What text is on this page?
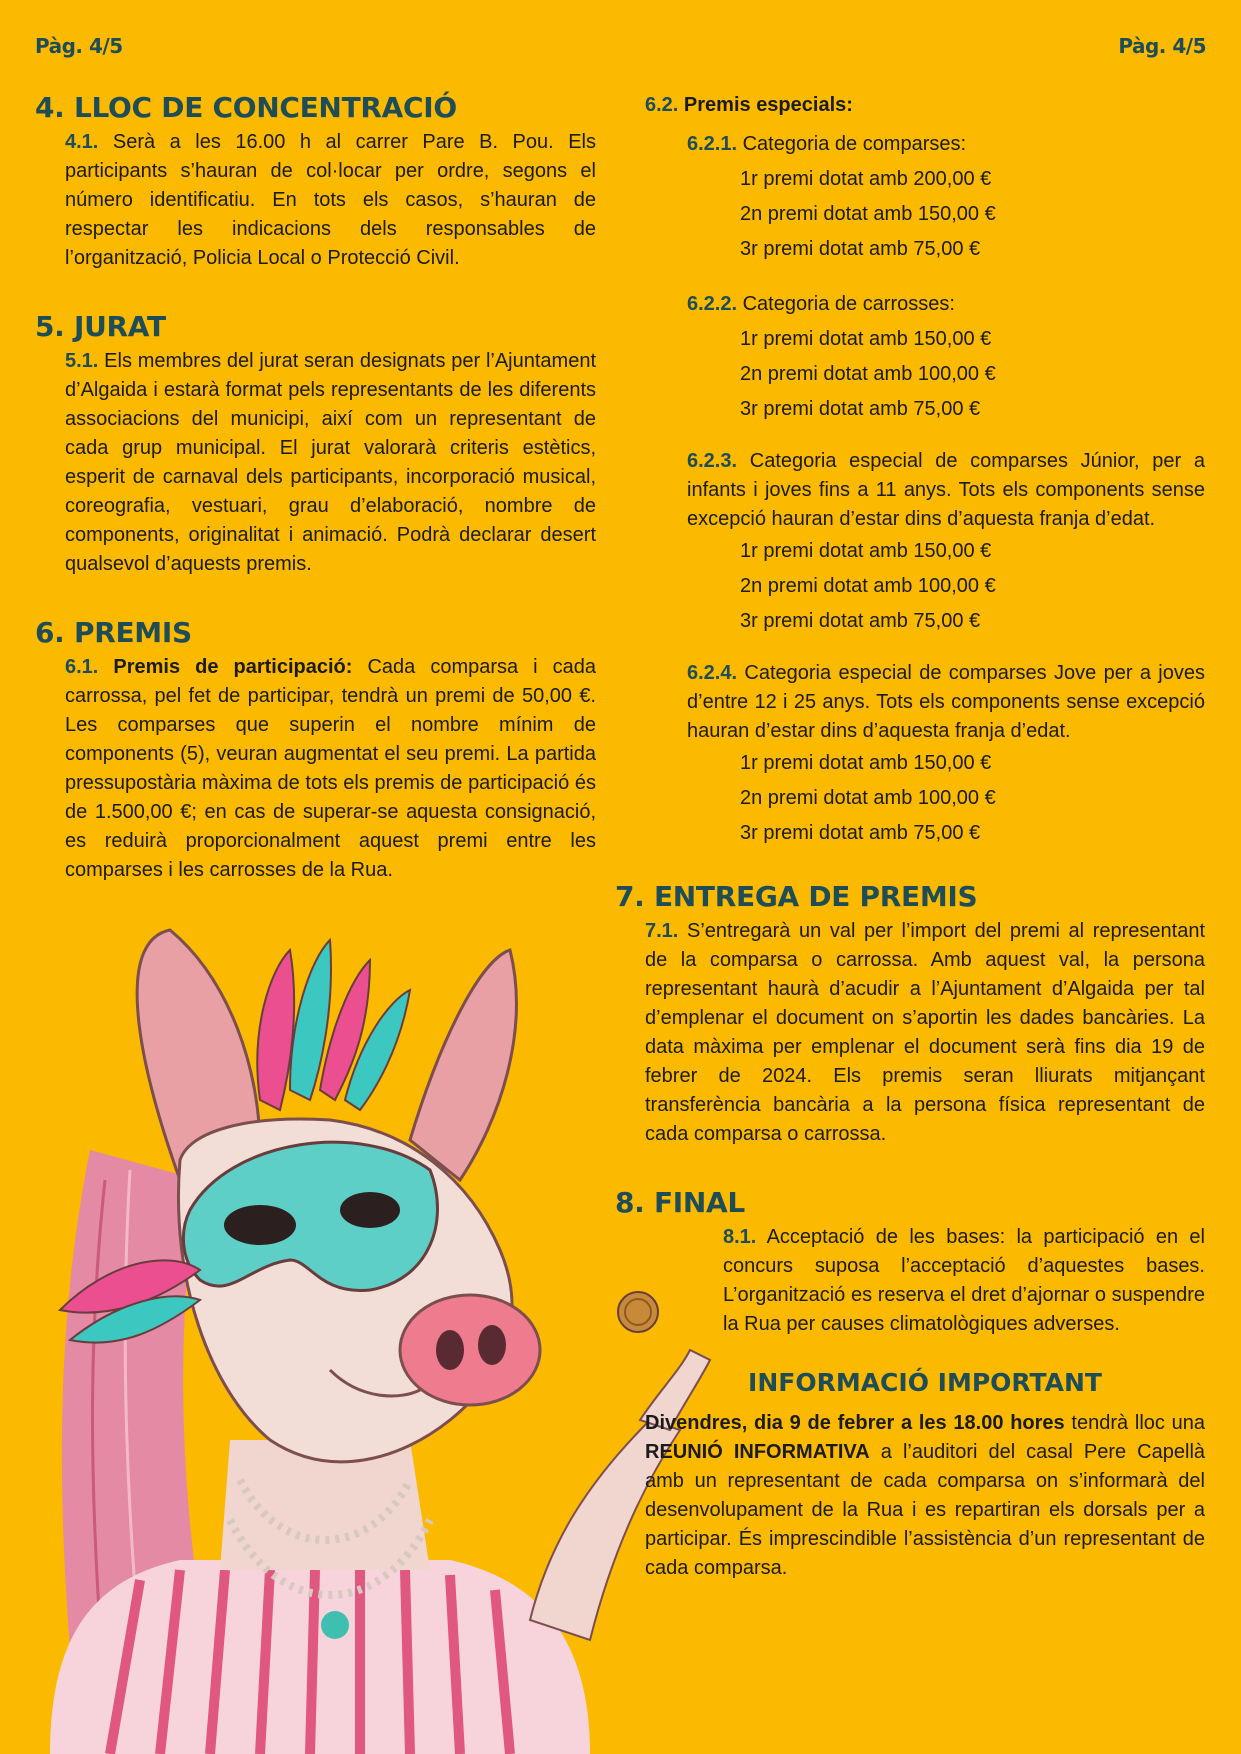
Pàg. 4/5	Pàg. 4/5
4. LLOC DE CONCENTRACIÓ

4.1. Serà a les 16.00 h al carrer Pare B. Pou. Els participants s’hauran de col·locar per ordre, segons el número identificatiu. En tots els casos, s’hauran de respectar les indicacions dels responsables de l’organització, Policia Local o Protecció Civil.

5. JURAT

5.1. Els membres del jurat seran designats per l’Ajuntament d’Algaida i estarà format pels representants de les diferents associacions del municipi, així com un representant de cada grup municipal. El jurat valorarà criteris estètics, esperit de carnaval dels participants, incorporació musical, coreografia, vestuari, grau d’elaboració, nombre de components, originalitat i animació. Podrà declarar desert qualsevol d’aquests premis.

6. PREMIS

6.1. Premis de participació: Cada comparsa i cada carrossa, pel fet de participar, tendrà un premi de 50,00 €. Les comparses que superin el nombre mínim de components (5), veuran augmentat el seu premi. La partida pressupostària màxima de tots els premis de participació és de 1.500,00 €; en cas de superar-se aquesta consignació, es reduirà proporcionalment aquest premi entre les comparses i les carrosses de la Rua.

6.2. Premis especials:

6.2.1. Categoria de comparses:

1r premi dotat amb 200,00 €
2n premi dotat amb 150,00 €
3r premi dotat amb 75,00 €

6.2.2. Categoria de carrosses:

1r premi dotat amb 150,00 €
2n premi dotat amb 100,00 €
3r premi dotat amb 75,00 €

6.2.3. Categoria especial de comparses Júnior, per a infants i joves fins a 11 anys. Tots els components sense excepció hauran d’estar dins d’aquesta franja d’edat.

1r premi dotat amb 150,00 €
2n premi dotat amb 100,00 €
3r premi dotat amb 75,00 €

6.2.4. Categoria especial de comparses Jove per a joves d’entre 12 i 25 anys. Tots els components sense excepció hauran d’estar dins d’aquesta franja d’edat.

1r premi dotat amb 150,00 €
2n premi dotat amb 100,00 €
3r premi dotat amb 75,00 €
7. ENTREGA DE PREMIS

7.1. S’entregarà un val per l’import del premi al representant de la comparsa o carrossa. Amb aquest val, la persona representant haurà d’acudir a l’Ajuntament d’Algaida per tal d’emplenar el document on s’aportin les dades bancàries. La data màxima per emplenar el document serà fins dia 19 de febrer de 2024. Els premis seran lliurats mitjançant transferència bancària a la persona física representant de cada comparsa o carrossa.

8. FINAL

8.1. Acceptació de les bases: la participació en el concurs suposa l’acceptació d’aquestes bases. L’organització es reserva el dret d’ajornar o suspendre la Rua per causes climatològiques adverses.

INFORMACIÓ IMPORTANT

Divendres, dia 9 de febrer a les 18.00 hores tendrà lloc una REUNIÓ INFORMATIVA a l’auditori del casal Pere Capellà amb un representant de cada comparsa on s’informarà del desenvolupament de la Rua i es repartiran els dorsals per a participar. És imprescindible l’assistència d’un representant de cada comparsa.
